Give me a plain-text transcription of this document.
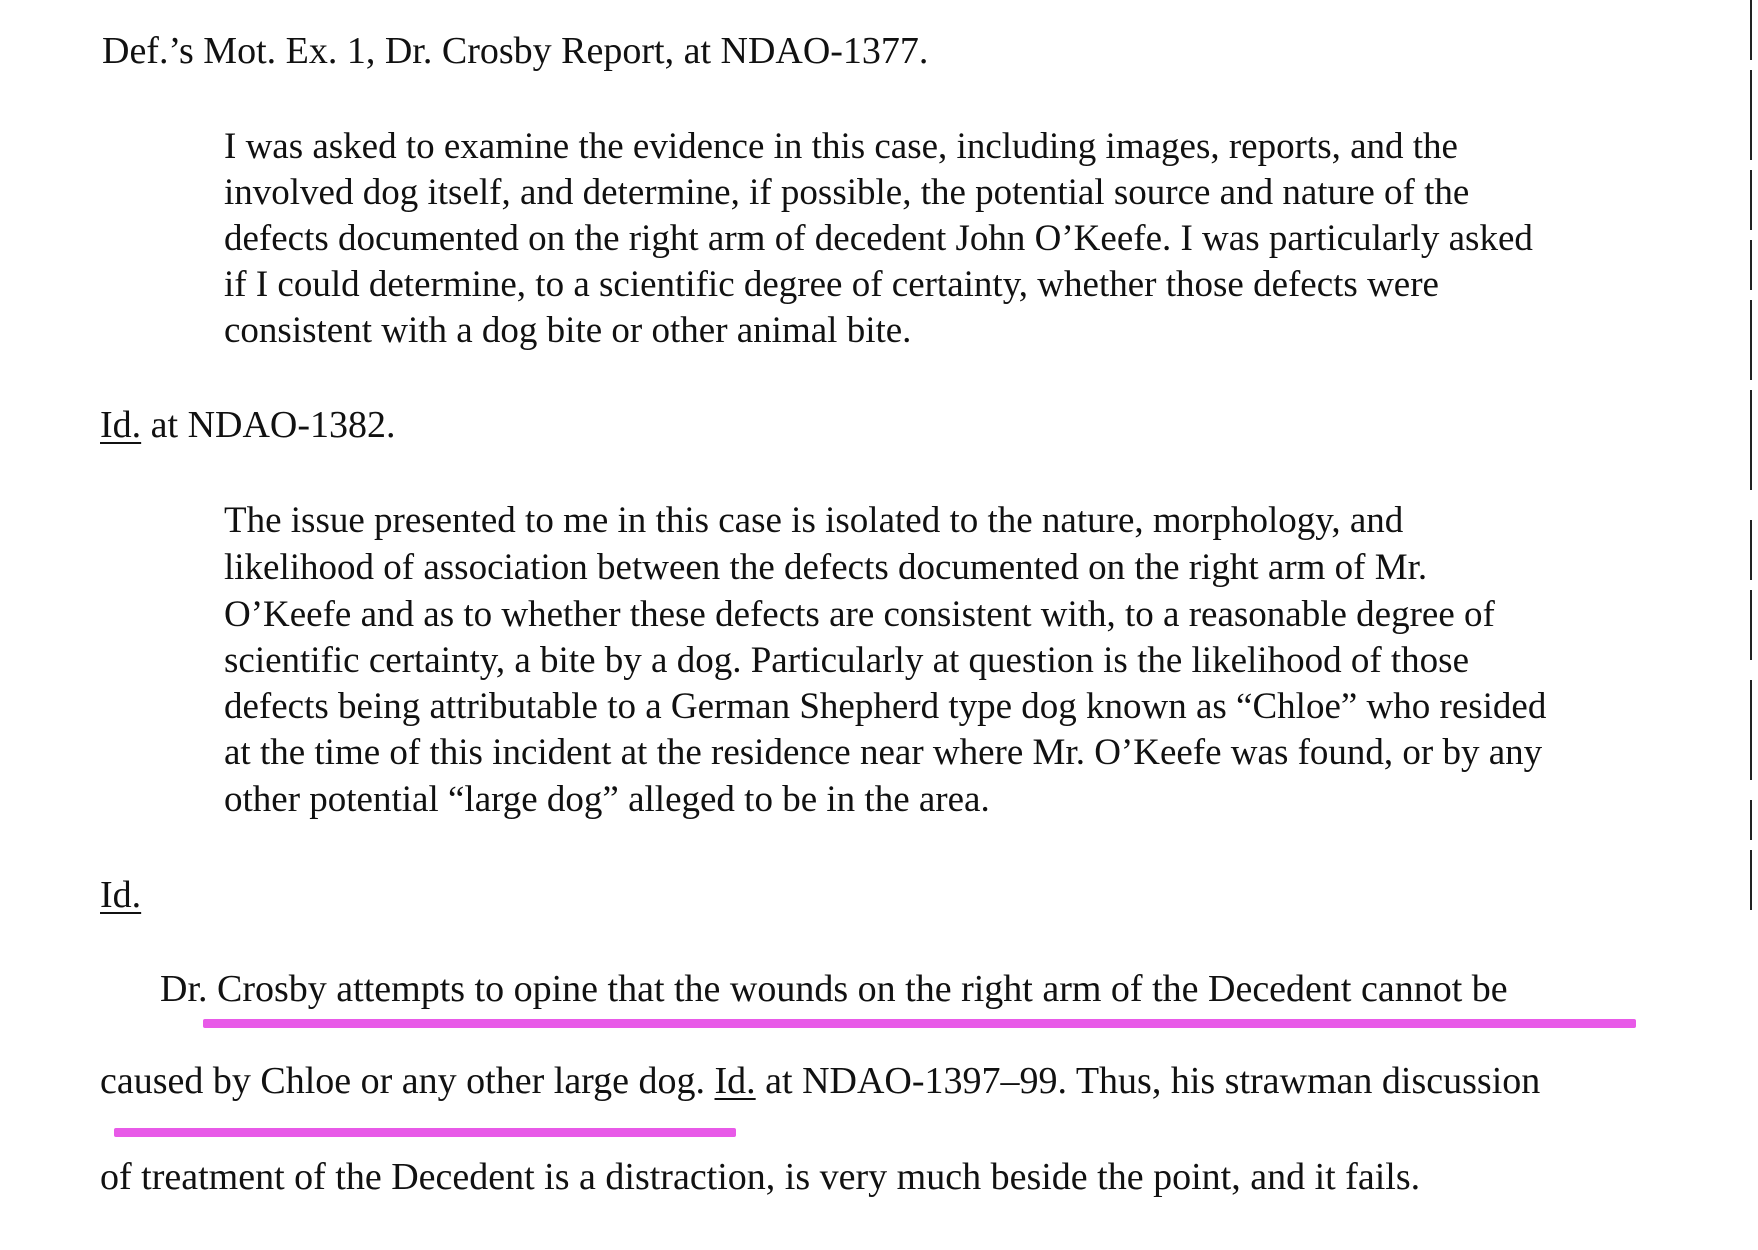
Def.’s Mot. Ex. 1, Dr. Crosby Report, at NDAO-1377.
I was asked to examine the evidence in this case, including images, reports, and the
involved dog itself, and determine, if possible, the potential source and nature of the
defects documented on the right arm of decedent John O’Keefe. I was particularly asked
if I could determine, to a scientific degree of certainty, whether those defects were
consistent with a dog bite or other animal bite.
Id. at NDAO-1382.
The issue presented to me in this case is isolated to the nature, morphology, and
likelihood of association between the defects documented on the right arm of Mr.
O’Keefe and as to whether these defects are consistent with, to a reasonable degree of
scientific certainty, a bite by a dog. Particularly at question is the likelihood of those
defects being attributable to a German Shepherd type dog known as “Chloe” who resided
at the time of this incident at the residence near where Mr. O’Keefe was found, or by any
other potential “large dog” alleged to be in the area.
Id.
Dr. Crosby attempts to opine that the wounds on the right arm of the Decedent cannot be
caused by Chloe or any other large dog. Id. at NDAO-1397–99. Thus, his strawman discussion
of treatment of the Decedent is a distraction, is very much beside the point, and it fails.
